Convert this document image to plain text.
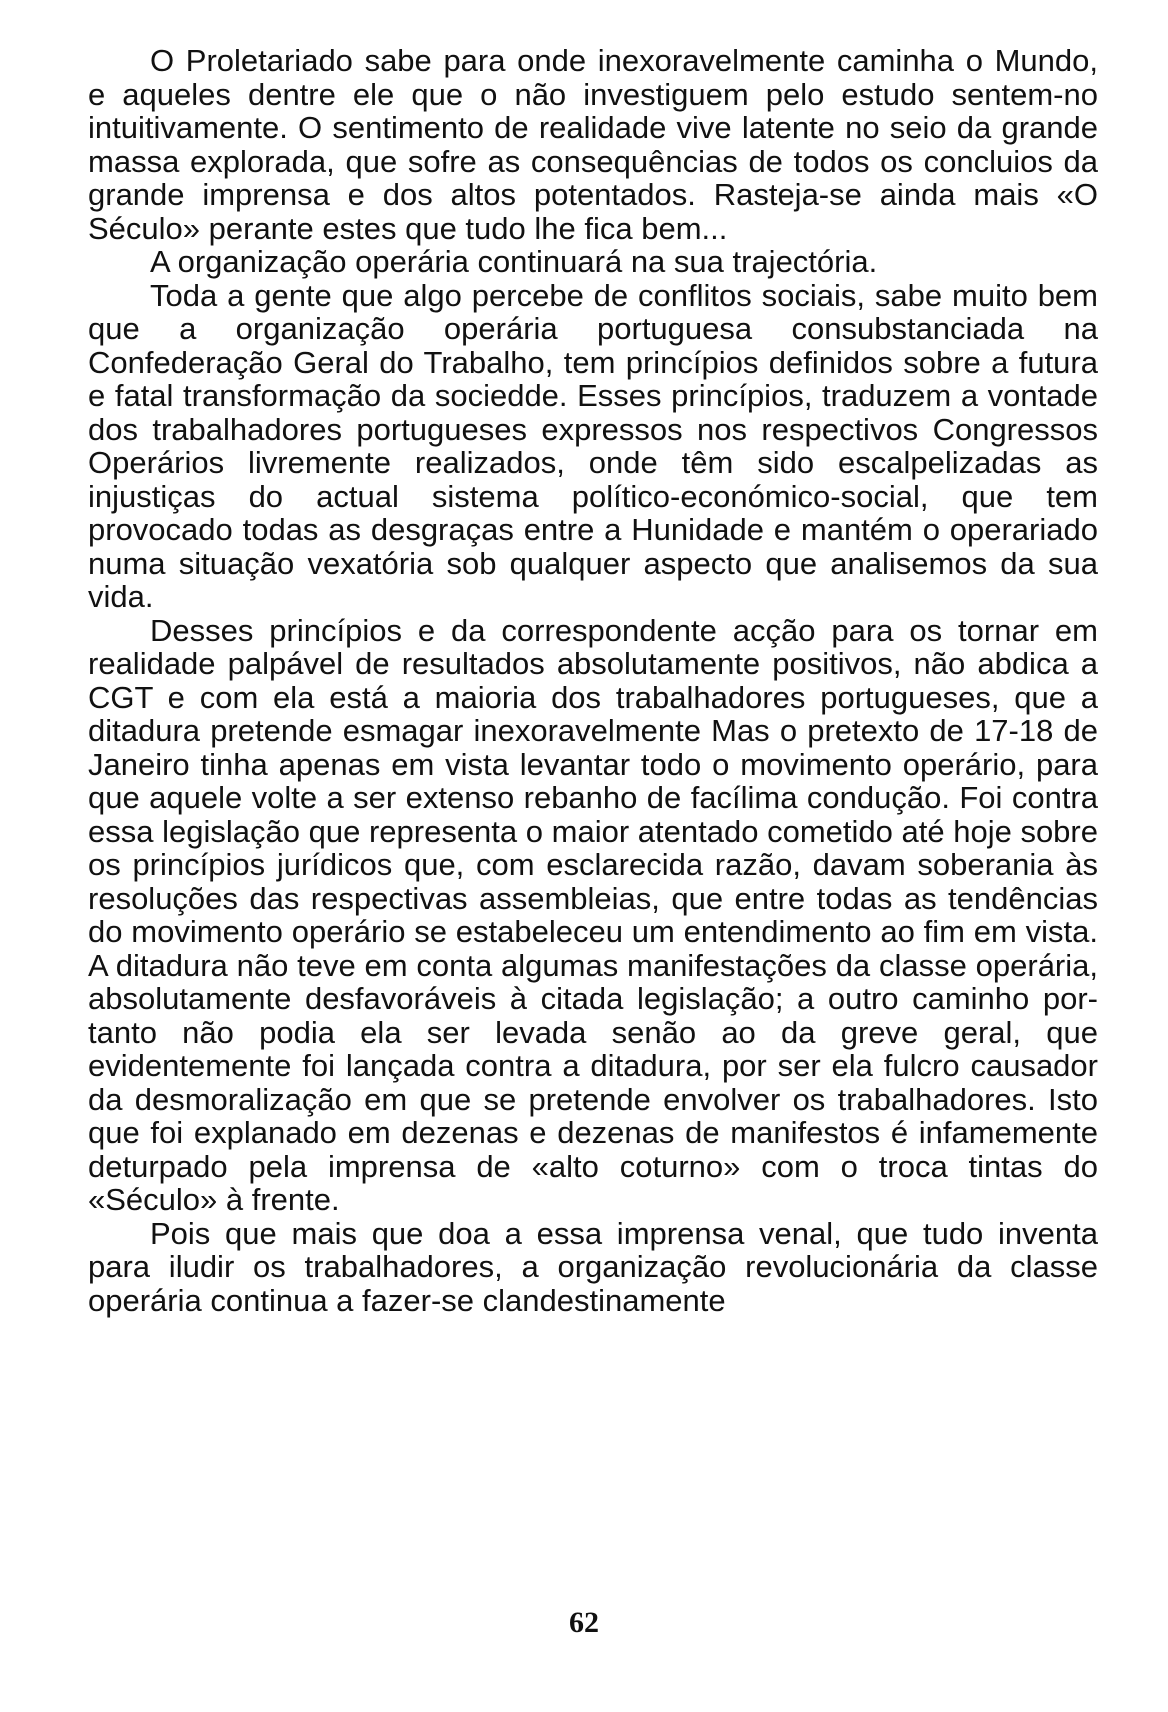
O Proletariado sabe para onde inexoravelmente caminha o Mundo, e aqueles dentre ele que o não investiguem pelo estudo sentem-no intuitivamente. O sentimento de realidade vive latente no seio da grande massa explorada, que sofre as consequências de todos os concluios da grande imprensa e dos altos potentados. Rasteja-se ainda mais «O Século» perante estes que tudo lhe fica bem...

A organização operária continuará na sua trajectória.

Toda a gente que algo percebe de conflitos sociais, sabe muito bem que a organização operária portuguesa consubstanciada na Confederação Geral do Trabalho, tem princípios definidos sobre a futura e fatal transformação da sociedde. Esses princípios, traduzem a vontade dos trabalhadores portugueses expressos nos respectivos Congressos Operários livremente realizados, onde têm sido escalpelizadas as injustiças do actual sistema político-económico-social, que tem provocado todas as desgraças entre a Hunidade e mantém o operariado numa situação vexatória sob qualquer aspecto que analisemos da sua vida.

Desses princípios e da correspondente acção para os tornar em realidade palpável de resultados absolutamente positivos, não abdica a CGT e com ela está a maioria dos trabalhadores portugueses, que a ditadura pretende esmagar inexoravelmente Mas o pretexto de 17-18 de Janeiro tinha apenas em vista levantar todo o movimento operário, para que aquele volte a ser extenso rebanho de facílima condução. Foi contra essa legislação que representa o maior atentado cometido até hoje sobre os princípios jurídicos que, com esclarecida razão, davam soberania às resoluções das respectivas assembleias, que entre todas as tendências do movimento operário se estabeleceu um entendimento ao fim em vista. A ditadura não teve em conta algumas manifestações da classe operária, absolutamente desfavoráveis à citada legislação; a outro caminho portanto não podia ela ser levada senão ao da greve geral, que evidentemente foi lançada contra a ditadura, por ser ela fulcro causador da desmoralização em que se pretende envolver os trabalhadores. Isto que foi explanado em dezenas e dezenas de manifestos é infamemente deturpado pela imprensa de «alto coturno» com o troca tintas do «Século» à frente.

Pois que mais que doa a essa imprensa venal, que tudo inventa para iludir os trabalhadores, a organização revolucionária da classe operária continua a fazer-se clandestinamente

62
